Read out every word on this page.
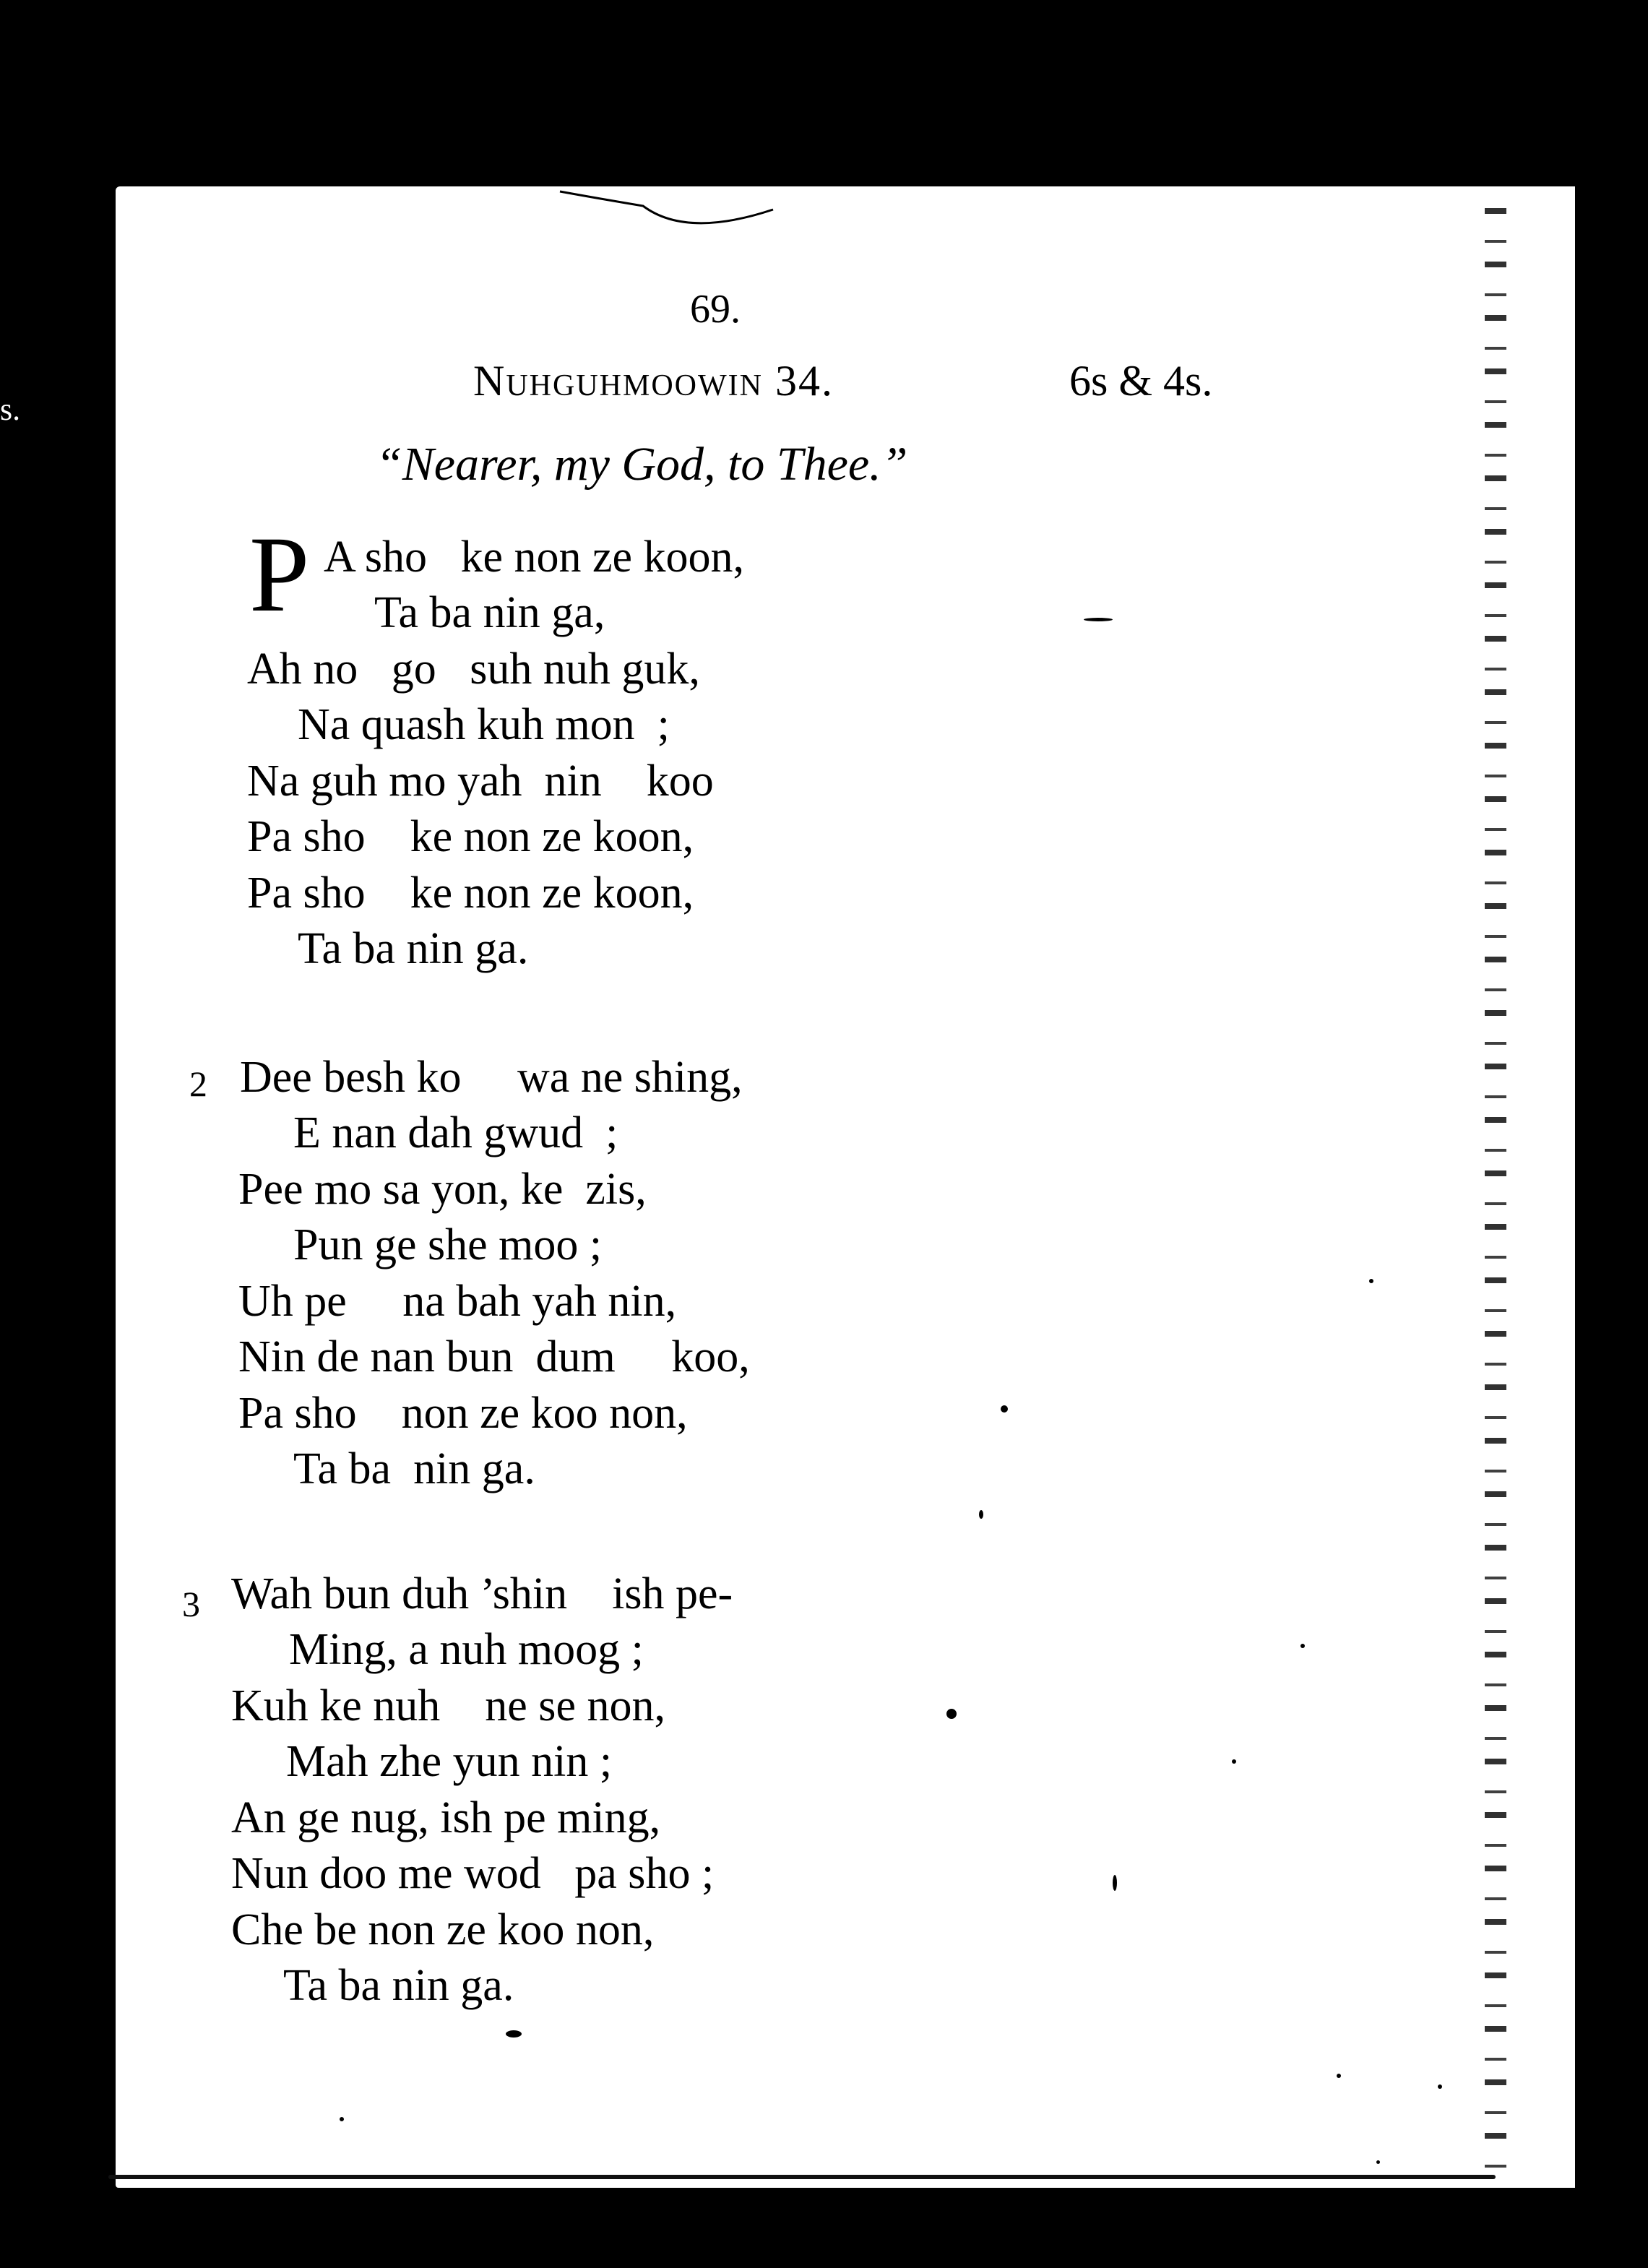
s.
69.
Nuhguhmoowin 34.	6s & 4s.
“Nearer, my God, to Thee.”
P A sho   ke non ze koon,
Ta ba nin ga,
Ah no   go   suh nuh guk,
Na quash kuh mon  ;
Na guh mo yah  nin    koo
Pa sho    ke non ze koon,
Pa sho    ke non ze koon,
Ta ba nin ga.
2 Dee besh ko     wa ne shing,
E nan dah gwud  ;
Pee mo sa yon, ke  zis,
Pun ge she moo ;
Uh pe     na bah yah nin,
Nin de nan bun  dum     koo,
Pa sho    non ze koo non,
Ta ba  nin ga.
3 Wah bun duh ’shin    ish pe-
Ming, a nuh moog ;
Kuh ke nuh    ne se non,
Mah zhe yun nin ;
An ge nug, ish pe ming,
Nun doo me wod   pa sho ;
Che be non ze koo non,
Ta ba nin ga.
